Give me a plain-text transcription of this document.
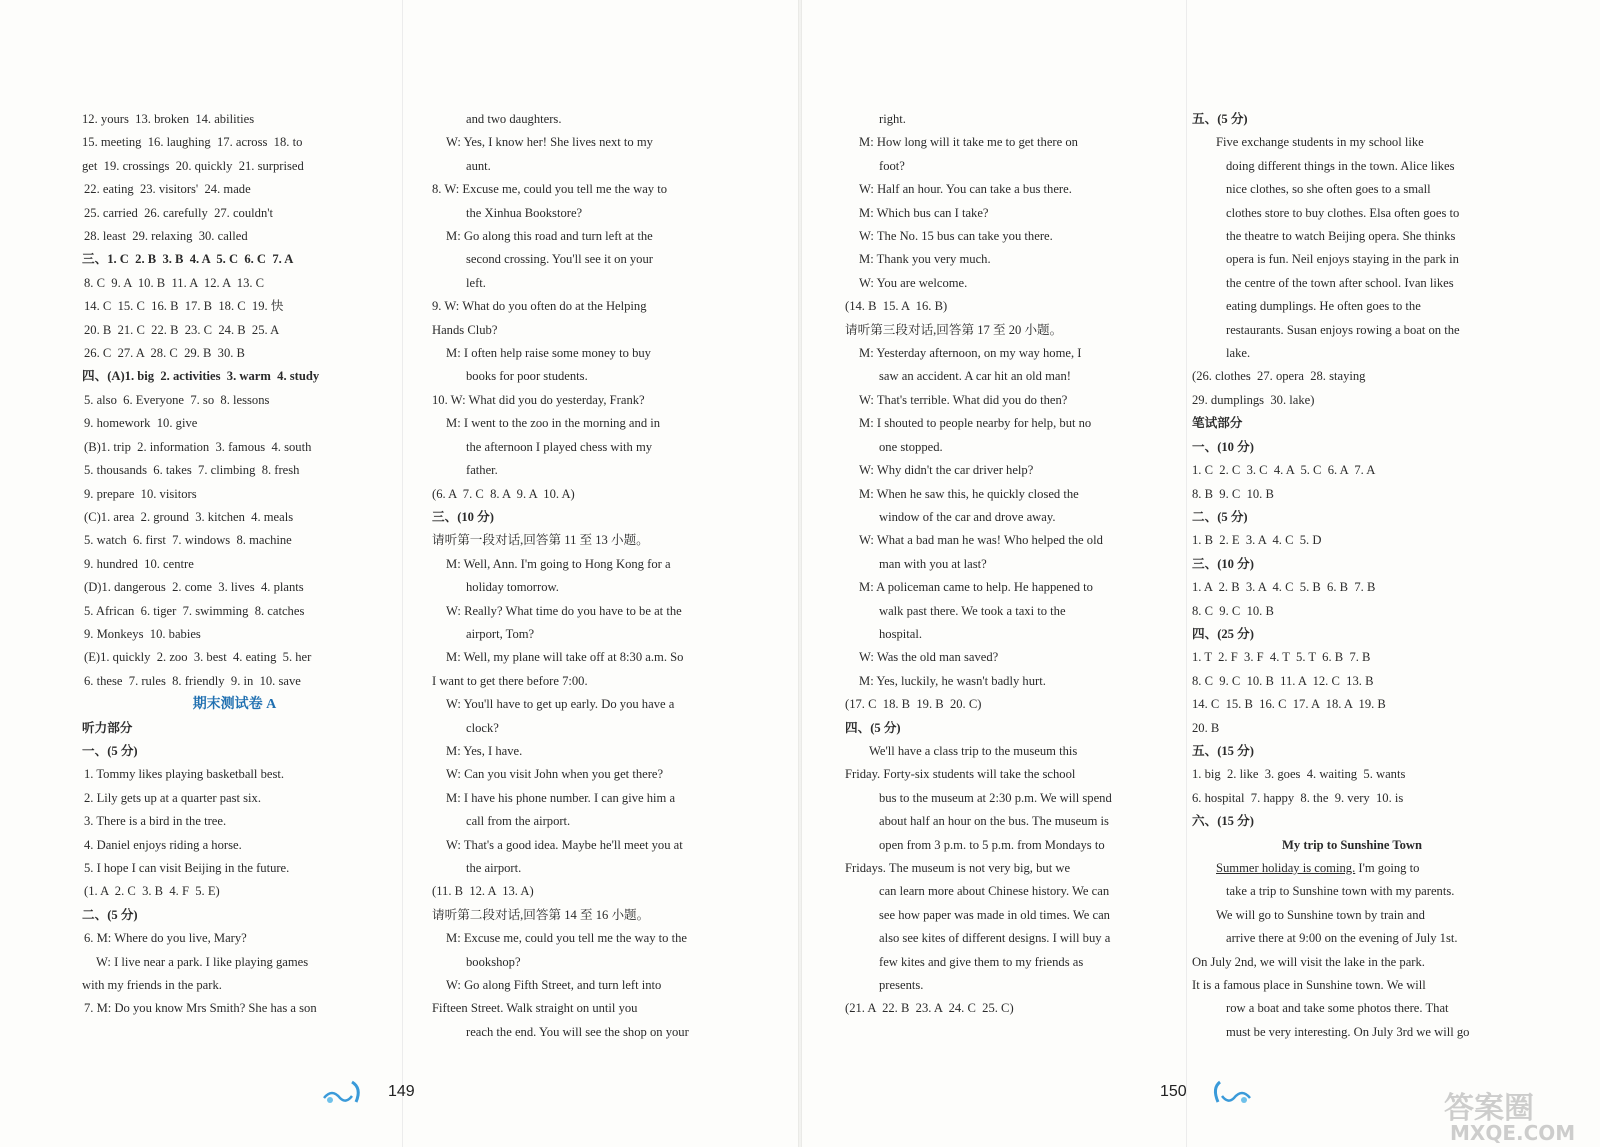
12. yours  13. broken  14. abilities
15. meeting  16. laughing  17. across  18. to
get  19. crossings  20. quickly  21. surprised
22. eating  23. visitors'  24. made
25. carried  26. carefully  27. couldn't
28. least  29. relaxing  30. called
三、1. C  2. B  3. B  4. A  5. C  6. C  7. A
8. C  9. A  10. B  11. A  12. A  13. C
14. C  15. C  16. B  17. B  18. C  19. 快
20. B  21. C  22. B  23. C  24. B  25. A
26. C  27. A  28. C  29. B  30. B
四、(A)1. big  2. activities  3. warm  4. study
5. also  6. Everyone  7. so  8. lessons
9. homework  10. give
(B)1. trip  2. information  3. famous  4. south
5. thousands  6. takes  7. climbing  8. fresh
9. prepare  10. visitors
(C)1. area  2. ground  3. kitchen  4. meals
5. watch  6. first  7. windows  8. machine
9. hundred  10. centre
(D)1. dangerous  2. come  3. lives  4. plants
5. African  6. tiger  7. swimming  8. catches
9. Monkeys  10. babies
(E)1. quickly  2. zoo  3. best  4. eating  5. her
6. these  7. rules  8. friendly  9. in  10. save
期末测试卷 A
听力部分
一、(5 分)
1. Tommy likes playing basketball best.
2. Lily gets up at a quarter past six.
3. There is a bird in the tree.
4. Daniel enjoys riding a horse.
5. I hope I can visit Beijing in the future.
(1. A  2. C  3. B  4. F  5. E)
二、(5 分)
6. M: Where do you live, Mary?
W: I live near a park. I like playing games
with my friends in the park.
7. M: Do you know Mrs Smith? She has a son
and two daughters.
W: Yes, I know her! She lives next to my
aunt.
8. W: Excuse me, could you tell me the way to
the Xinhua Bookstore?
M: Go along this road and turn left at the
second crossing. You'll see it on your
left.
9. W: What do you often do at the Helping
Hands Club?
M: I often help raise some money to buy
books for poor students.
10. W: What did you do yesterday, Frank?
M: I went to the zoo in the morning and in
the afternoon I played chess with my
father.
(6. A  7. C  8. A  9. A  10. A)
三、(10 分)
请听第一段对话,回答第 11 至 13 小题。
M: Well, Ann. I'm going to Hong Kong for a
holiday tomorrow.
W: Really? What time do you have to be at the
airport, Tom?
M: Well, my plane will take off at 8:30 a.m. So
I want to get there before 7:00.
W: You'll have to get up early. Do you have a
clock?
M: Yes, I have.
W: Can you visit John when you get there?
M: I have his phone number. I can give him a
call from the airport.
W: That's a good idea. Maybe he'll meet you at
the airport.
(11. B  12. A  13. A)
请听第二段对话,回答第 14 至 16 小题。
M: Excuse me, could you tell me the way to the
bookshop?
W: Go along Fifth Street, and turn left into
Fifteen Street. Walk straight on until you
reach the end. You will see the shop on your
right.
M: How long will it take me to get there on
foot?
W: Half an hour. You can take a bus there.
M: Which bus can I take?
W: The No. 15 bus can take you there.
M: Thank you very much.
W: You are welcome.
(14. B  15. A  16. B)
请听第三段对话,回答第 17 至 20 小题。
M: Yesterday afternoon, on my way home, I
saw an accident. A car hit an old man!
W: That's terrible. What did you do then?
M: I shouted to people nearby for help, but no
one stopped.
W: Why didn't the car driver help?
M: When he saw this, he quickly closed the
window of the car and drove away.
W: What a bad man he was! Who helped the old
man with you at last?
M: A policeman came to help. He happened to
walk past there. We took a taxi to the
hospital.
W: Was the old man saved?
M: Yes, luckily, he wasn't badly hurt.
(17. C  18. B  19. B  20. C)
四、(5 分)
We'll have a class trip to the museum this
Friday. Forty-six students will take the school
bus to the museum at 2:30 p.m. We will spend
about half an hour on the bus. The museum is
open from 3 p.m. to 5 p.m. from Mondays to
Fridays. The museum is not very big, but we
can learn more about Chinese history. We can
see how paper was made in old times. We can
also see kites of different designs. I will buy a
few kites and give them to my friends as
presents.
(21. A  22. B  23. A  24. C  25. C)
五、(5 分)
Five exchange students in my school like
doing different things in the town. Alice likes
nice clothes, so she often goes to a small
clothes store to buy clothes. Elsa often goes to
the theatre to watch Beijing opera. She thinks
opera is fun. Neil enjoys staying in the park in
the centre of the town after school. Ivan likes
eating dumplings. He often goes to the
restaurants. Susan enjoys rowing a boat on the
lake.
(26. clothes  27. opera  28. staying
29. dumplings  30. lake)
笔试部分
一、(10 分)
1. C  2. C  3. C  4. A  5. C  6. A  7. A
8. B  9. C  10. B
二、(5 分)
1. B  2. E  3. A  4. C  5. D
三、(10 分)
1. A  2. B  3. A  4. C  5. B  6. B  7. B
8. C  9. C  10. B
四、(25 分)
1. T  2. F  3. F  4. T  5. T  6. B  7. B
8. C  9. C  10. B  11. A  12. C  13. B
14. C  15. B  16. C  17. A  18. A  19. B
20. B
五、(15 分)
1. big  2. like  3. goes  4. waiting  5. wants
6. hospital  7. happy  8. the  9. very  10. is
六、(15 分)
My trip to Sunshine Town
Summer holiday is coming. I'm going to
take a trip to Sunshine town with my parents.
We will go to Sunshine town by train and
arrive there at 9:00 on the evening of July 1st.
On July 2nd, we will visit the lake in the park.
It is a famous place in Sunshine town. We will
row a boat and take some photos there. That
must be very interesting. On July 3rd we will go
149	150	答案圈
MXQE.COM
